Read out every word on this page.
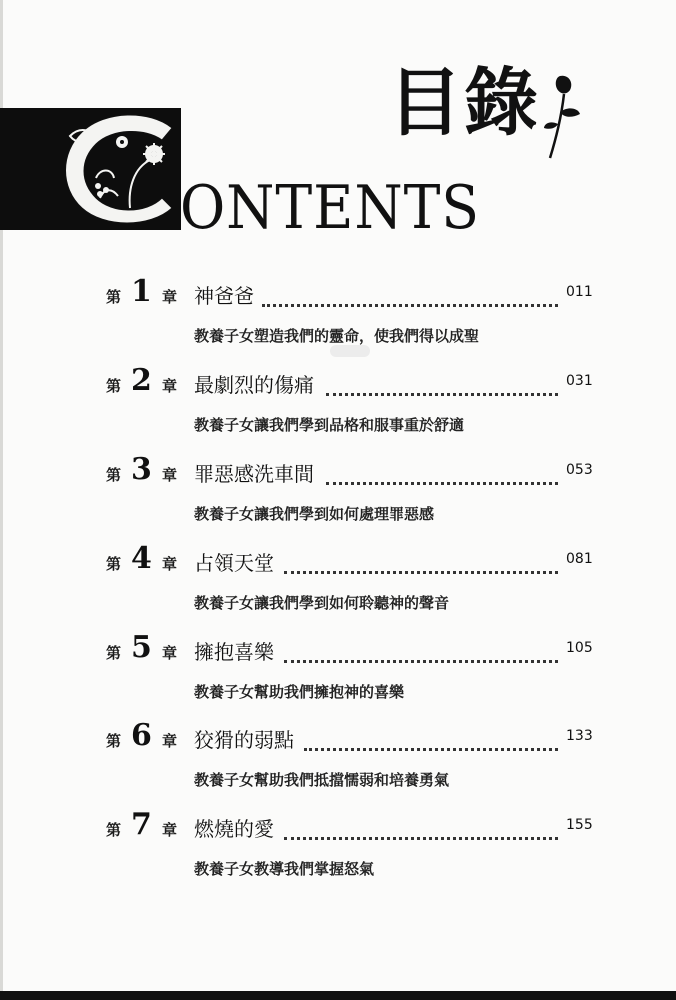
目錄
ONTENTS
第 1 章 神爸爸	011
教養子女塑造我們的靈命，使我們得以成聖
第 2 章 最劇烈的傷痛	031
教養子女讓我們學到品格和服事重於舒適
第 3 章 罪惡感洗車間	053
教養子女讓我們學到如何處理罪惡感
第 4 章 占領天堂	081
教養子女讓我們學到如何聆聽神的聲音
第 5 章 擁抱喜樂	105
教養子女幫助我們擁抱神的喜樂
第 6 章 狡猾的弱點	133
教養子女幫助我們抵擋懦弱和培養勇氣
第 7 章 燃燒的愛	155
教養子女教導我們掌握怒氣
